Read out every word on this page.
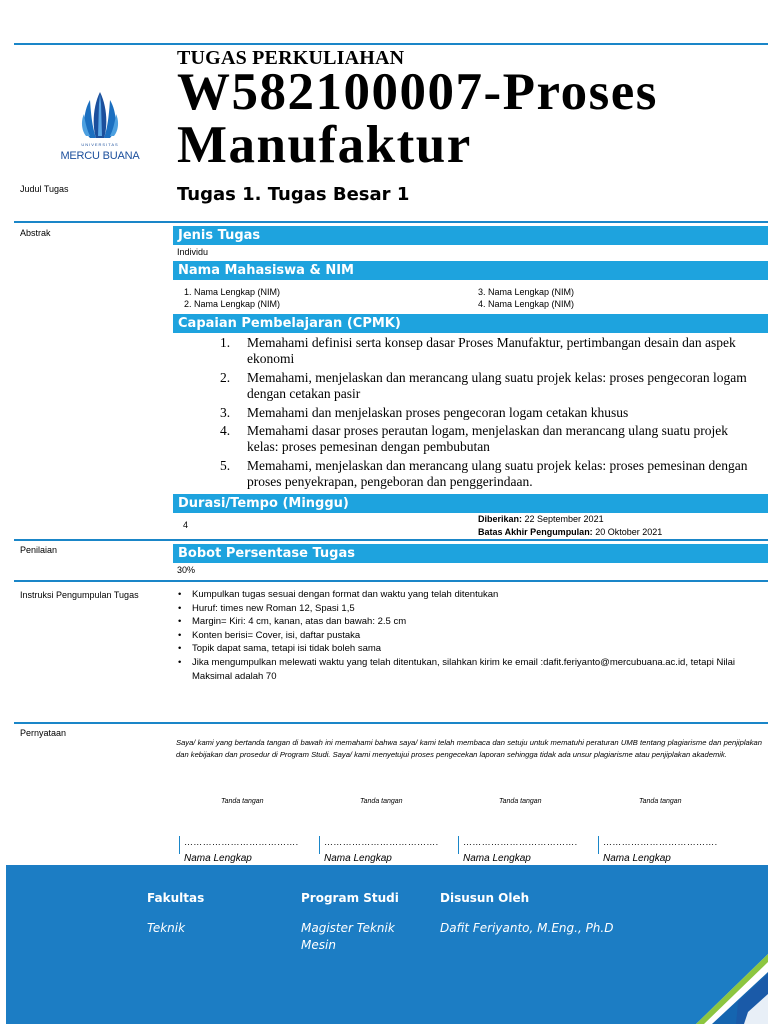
UNIVERSITAS
MERCU BUANA
TUGAS PERKULIAHAN
W582100007-Proses Manufaktur
Judul Tugas	Tugas 1. Tugas Besar 1
Abstrak	Jenis Tugas
Individu
Nama Mahasiswa & NIM
1. Nama Lengkap (NIM)
2. Nama Lengkap (NIM)
3. Nama Lengkap (NIM)
4. Nama Lengkap (NIM)
Capaian Pembelajaran (CPMK)
1.	Memahami definisi serta konsep dasar Proses Manufaktur, pertimbangan desain dan aspek ekonomi
2.	Memahami, menjelaskan dan merancang ulang suatu projek kelas: proses pengecoran logam dengan cetakan pasir
3.	Memahami dan menjelaskan proses pengecoran logam cetakan khusus
4.	Memahami dasar proses perautan logam, menjelaskan dan merancang ulang suatu projek kelas: proses pemesinan dengan pembubutan
5.	Memahami, menjelaskan dan merancang ulang suatu projek kelas: proses pemesinan dengan proses penyekrapan, pengeboran dan penggerindaan.
Durasi/Tempo (Minggu)
4
Diberikan: 22 September 2021
Batas Akhir Pengumpulan: 20 Oktober 2021
Penilaian	Bobot Persentase Tugas
30%
Instruksi Pengumpulan Tugas
•	Kumpulkan tugas sesuai dengan format dan waktu yang telah ditentukan
• Huruf: times new Roman 12, Spasi 1,5
• Margin= Kiri: 4 cm, kanan, atas dan bawah: 2.5 cm
• Konten berisi= Cover, isi, daftar pustaka
• Topik dapat sama, tetapi isi tidak boleh sama
• Jika mengumpulkan melewati waktu yang telah ditentukan, silahkan kirim ke email :dafit.feriyanto@mercubuana.ac.id, tetapi Nilai Maksimal adalah 70
Pernyataan
Saya/ kami yang bertanda tangan di bawah ini memahami bahwa saya/ kami telah membaca dan setuju untuk mematuhi peraturan UMB tentang plagiarisme dan penjiplakan dan kebijakan dan prosedur di Program Studi. Saya/ kami menyetujui proses pengecekan laporan sehingga tidak ada unsur plagiarisme atau penjiplakan akademik.
Tanda tangan	Tanda tangan	Tanda tangan	Tanda tangan
……………………………….	……………………………….	……………………………….	……………………………….
Nama Lengkap	Nama Lengkap	Nama Lengkap	Nama Lengkap
Fakultas
Teknik
Program Studi
Magister Teknik Mesin
Disusun Oleh
Dafit Feriyanto, M.Eng., Ph.D
